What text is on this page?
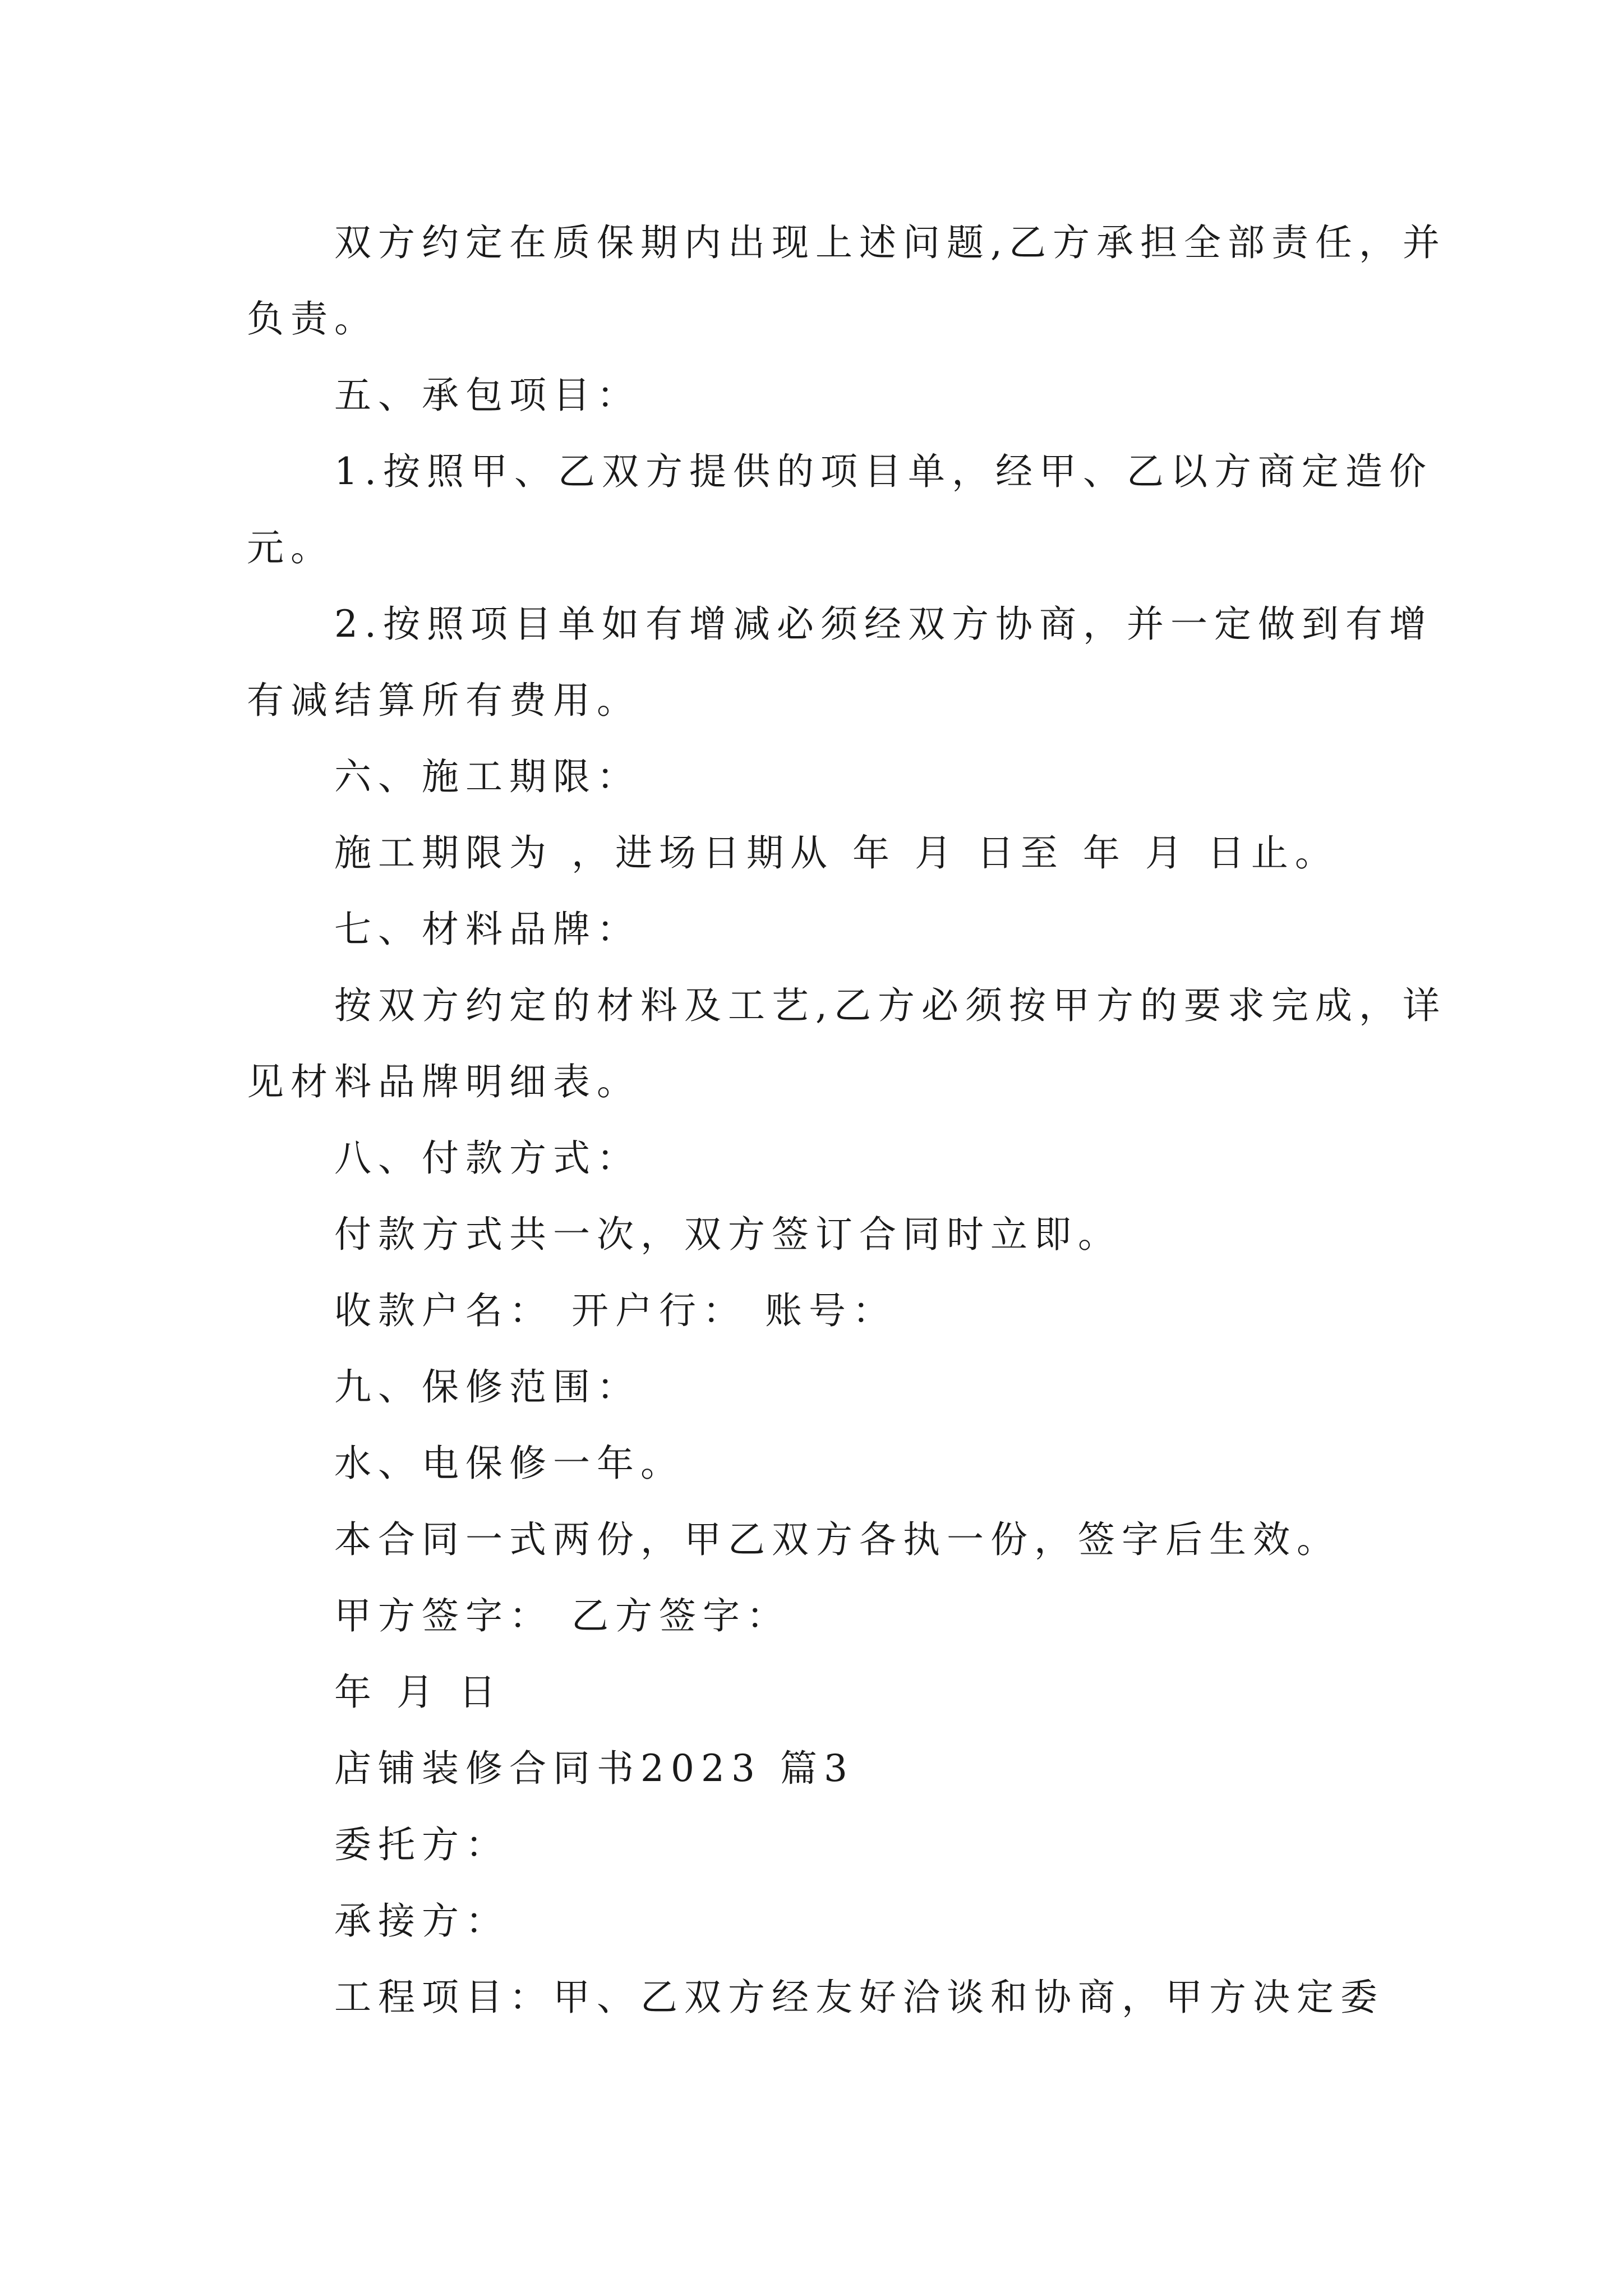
双方约定在质保期内出现上述问题,乙方承担全部责任，并负责。

五、承包项目：

1.按照甲、乙双方提供的项目单，经甲、乙以方商定造价 元。

2.按照项目单如有增减必须经双方协商，并一定做到有增有减结算所有费用。

六、施工期限：

施工期限为 ，进场日期从 年 月 日至 年 月 日止。

七、材料品牌：

按双方约定的材料及工艺,乙方必须按甲方的要求完成，详见材料品牌明细表。

八、付款方式：

付款方式共一次，双方签订合同时立即。

收款户名： 开户行： 账号：

九、保修范围：

水、电保修一年。

本合同一式两份，甲乙双方各执一份，签字后生效。

甲方签字： 乙方签字：

年 月 日

店铺装修合同书2023 篇3

委托方：

承接方：

工程项目：甲、乙双方经友好洽谈和协商，甲方决定委
